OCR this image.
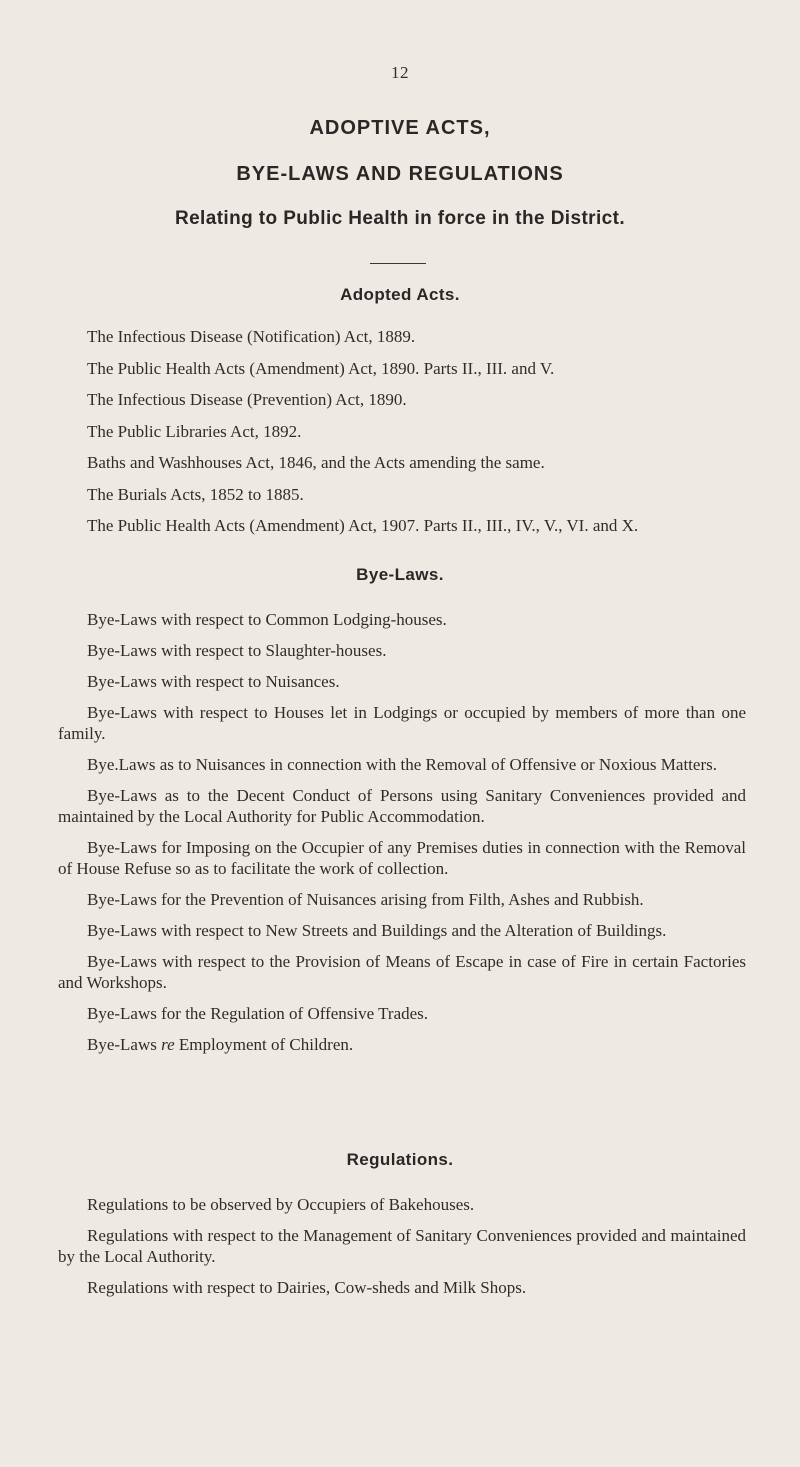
12
ADOPTIVE ACTS,
BYE-LAWS AND REGULATIONS
Relating to Public Health in force in the District.
Adopted Acts.
The Infectious Disease (Notification) Act, 1889.
The Public Health Acts (Amendment) Act, 1890. Parts II., III. and V.
The Infectious Disease (Prevention) Act, 1890.
The Public Libraries Act, 1892.
Baths and Washhouses Act, 1846, and the Acts amending the same.
The Burials Acts, 1852 to 1885.
The Public Health Acts (Amendment) Act, 1907. Parts II., III., IV., V., VI. and X.
Bye-Laws.
Bye-Laws with respect to Common Lodging-houses.
Bye-Laws with respect to Slaughter-houses.
Bye-Laws with respect to Nuisances.
Bye-Laws with respect to Houses let in Lodgings or occupied by members of more than one family.
Bye.Laws as to Nuisances in connection with the Removal of Offensive or Noxious Matters.
Bye-Laws as to the Decent Conduct of Persons using Sanitary Conveniences provided and maintained by the Local Authority for Public Accommodation.
Bye-Laws for Imposing on the Occupier of any Premises duties in connection with the Removal of House Refuse so as to facilitate the work of collection.
Bye-Laws for the Prevention of Nuisances arising from Filth, Ashes and Rubbish.
Bye-Laws with respect to New Streets and Buildings and the Alteration of Buildings.
Bye-Laws with respect to the Provision of Means of Escape in case of Fire in certain Factories and Workshops.
Bye-Laws for the Regulation of Offensive Trades.
Bye-Laws re Employment of Children.
Regulations.
Regulations to be observed by Occupiers of Bakehouses.
Regulations with respect to the Management of Sanitary Conveniences provided and maintained by the Local Authority.
Regulations with respect to Dairies, Cow-sheds and Milk Shops.
